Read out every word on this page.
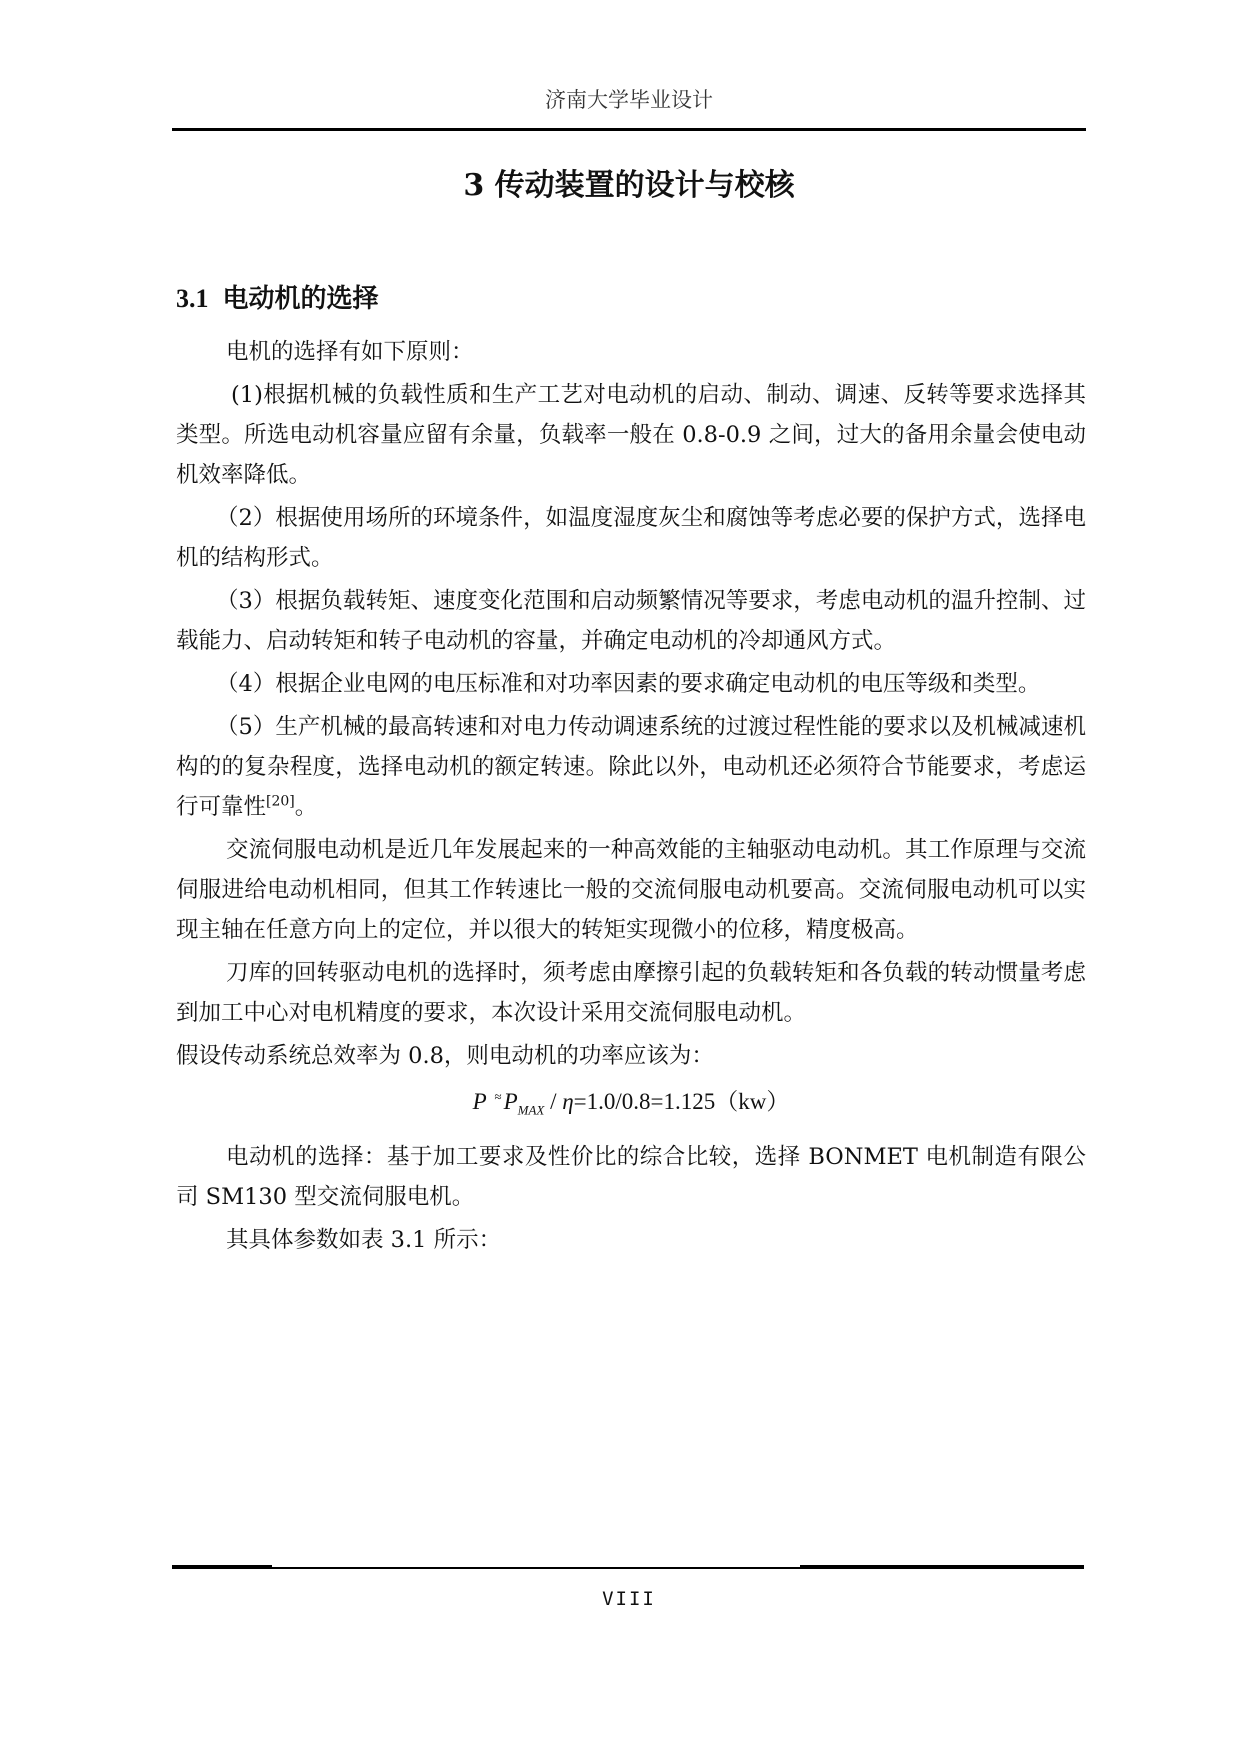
济南大学毕业设计
3 传动装置的设计与校核
3.1 电动机的选择

电机的选择有如下原则：

(1)根据机械的负载性质和生产工艺对电动机的启动、制动、调速、反转等要求选择其类型。所选电动机容量应留有余量，负载率一般在 0.8-0.9 之间，过大的备用余量会使电动机效率降低。

（2）根据使用场所的环境条件，如温度湿度灰尘和腐蚀等考虑必要的保护方式，选择电机的结构形式。

（3）根据负载转矩、速度变化范围和启动频繁情况等要求，考虑电动机的温升控制、过载能力、启动转矩和转子电动机的容量，并确定电动机的冷却通风方式。

（4）根据企业电网的电压标准和对功率因素的要求确定电动机的电压等级和类型。

（5）生产机械的最高转速和对电力传动调速系统的过渡过程性能的要求以及机械减速机构的的复杂程度，选择电动机的额定转速。除此以外，电动机还必须符合节能要求，考虑运行可靠性[20]。

交流伺服电动机是近几年发展起来的一种高效能的主轴驱动电动机。其工作原理与交流伺服进给电动机相同，但其工作转速比一般的交流伺服电动机要高。交流伺服电动机可以实现主轴在任意方向上的定位，并以很大的转矩实现微小的位移，精度极高。

刀库的回转驱动电机的选择时，须考虑由摩擦引起的负载转矩和各负载的转动惯量考虑到加工中心对电机精度的要求，本次设计采用交流伺服电动机。

假设传动系统总效率为 0.8，则电动机的功率应该为：

P $^\approx P_{MAX} / \eta=1.0/0.8=1.125(kw)$

电动机的选择：基于加工要求及性价比的综合比较，选择 BONMET 电机制造有限公司 SM130 型交流伺服电机。

其具体参数如表 3.1 所示：

VIII
